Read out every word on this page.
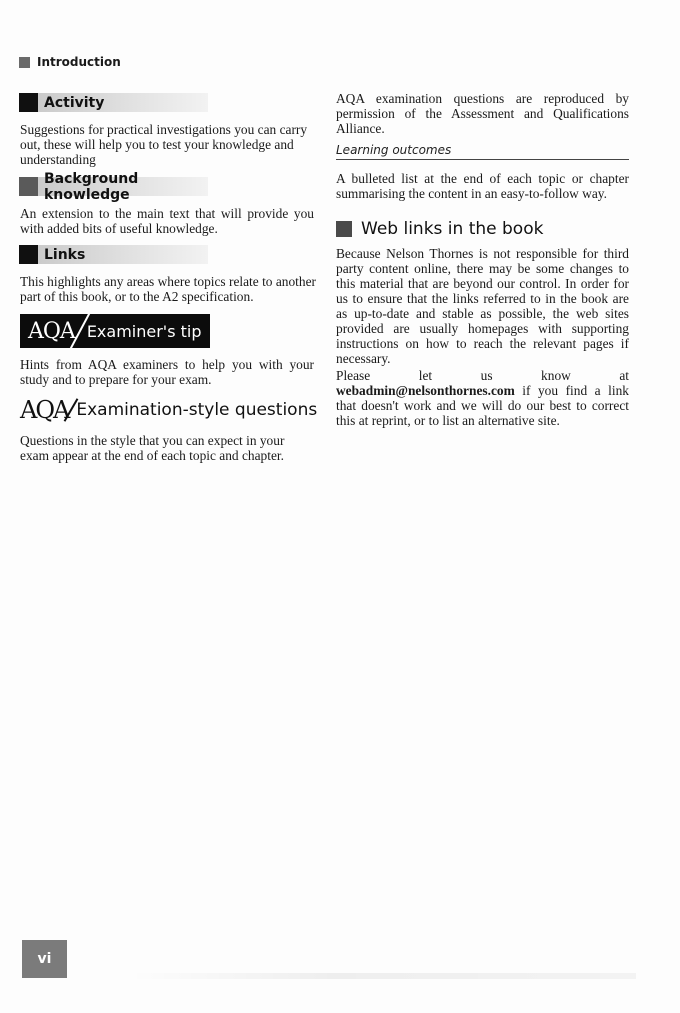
Introduction
Activity

Suggestions for practical investigations you can carry out, these will help you to test your knowledge and understanding

Background knowledge

An extension to the main text that will provide you with added bits of useful knowledge.

Links

This highlights any areas where topics relate to another part of this book, or to the A2 specification.

AQA Examiner's tip

Hints from AQA examiners to help you with your study and to prepare for your exam.

AQA Examination-style questions

Questions in the style that you can expect in your exam appear at the end of each topic and chapter.

AQA examination questions are reproduced by permission of the Assessment and Qualifications Alliance.

Learning outcomes

A bulleted list at the end of each topic or chapter summarising the content in an easy-to-follow way.

Web links in the book

Because Nelson Thornes is not responsible for third party content online, there may be some changes to this material that are beyond our control. In order for us to ensure that the links referred to in the book are as up-to-date and stable as possible, the web sites provided are usually homepages with supporting instructions on how to reach the relevant pages if necessary.

Please let us know at webadmin@nelsonthornes.com if you find a link that doesn't work and we will do our best to correct this at reprint, or to list an alternative site.

vi
